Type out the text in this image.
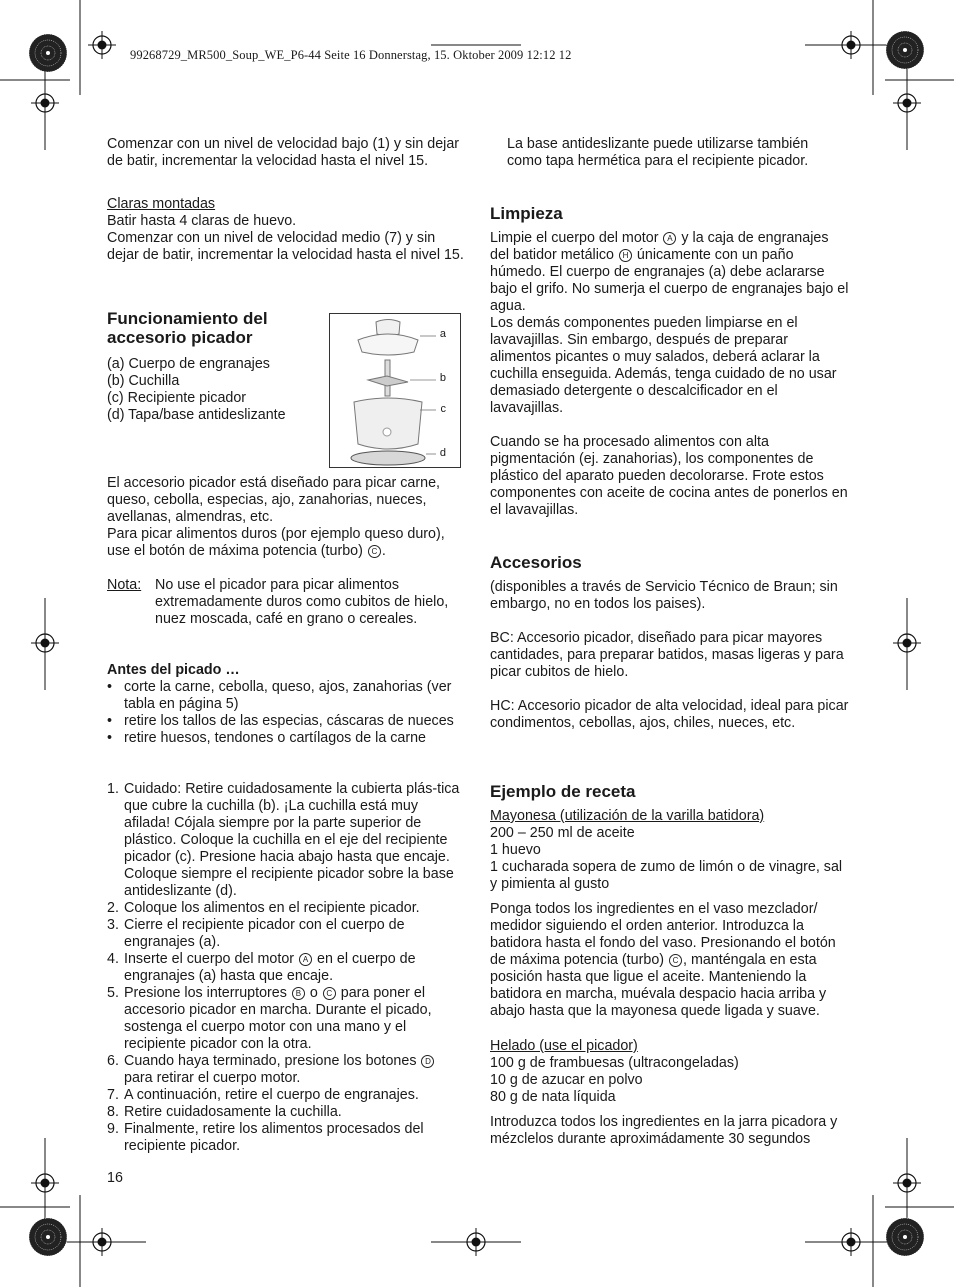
99268729_MR500_Soup_WE_P6-44 Seite 16 Donnerstag, 15. Oktober 2009 12:12 12
Comenzar con un nivel de velocidad bajo (1) y sin dejar de batir, incrementar la velocidad hasta el nivel 15.
Claras montadas
Batir hasta 4 claras de huevo.
Comenzar con un nivel de velocidad medio (7) y sin dejar de batir, incrementar la velocidad hasta el nivel 15.
Funcionamiento del accesorio picador
(a) Cuerpo de engranajes
(b) Cuchilla
(c) Recipiente picador
(d) Tapa/base antideslizante
a
b
c
d
El accesorio picador está diseñado para picar carne, queso, cebolla, especias, ajo, zanahorias, nueces, avellanas, almendras, etc.
Para picar alimentos duros (por ejemplo queso duro), use el botón de máxima potencia (turbo) C .
Nota: No use el picador para picar alimentos extremadamente duros como cubitos de hielo, nuez moscada, café en grano o cereales.
Antes del picado …
• corte la carne, cebolla, queso, ajos, zanahorias (ver tabla en página 5)
• retire los tallos de las especias, cáscaras de nueces
• retire huesos, tendones o cartílagos de la carne
1. Cuidado: Retire cuidadosamente la cubierta plás-tica que cubre la cuchilla (b). ¡La cuchilla está muy afilada! Cójala siempre por la parte superior de plástico. Coloque la cuchilla en el eje del recipiente picador (c). Presione hacia abajo hasta que encaje. Coloque siempre el recipiente picador sobre la base antideslizante (d).
2. Coloque los alimentos en el recipiente picador.
3. Cierre el recipiente picador con el cuerpo de engranajes (a).
4. Inserte el cuerpo del motor A en el cuerpo de engranajes (a) hasta que encaje.
5. Presione los interruptores B o C para poner el accesorio picador en marcha. Durante el picado, sostenga el cuerpo motor con una mano y el recipiente picador con la otra.
6. Cuando haya terminado, presione los botones D para retirar el cuerpo motor.
7. A continuación, retire el cuerpo de engranajes.
8. Retire cuidadosamente la cuchilla.
9. Finalmente, retire los alimentos procesados del recipiente picador.
16
La base antideslizante puede utilizarse también como tapa hermética para el recipiente picador.
Limpieza
Limpie el cuerpo del motor A y la caja de engranajes del batidor metálico H únicamente con un paño húmedo. El cuerpo de engranajes (a) debe aclararse bajo el grifo. No sumerja el cuerpo de engranajes bajo el agua.
Los demás componentes pueden limpiarse en el lavavajillas. Sin embargo, después de preparar alimentos picantes o muy salados, deberá aclarar la cuchilla enseguida. Además, tenga cuidado de no usar demasiado detergente o descalcificador en el lavavajillas.
Cuando se ha procesado alimentos con alta pigmentación (ej. zanahorias), los componentes de plástico del aparato pueden decolorarse. Frote estos componentes con aceite de cocina antes de ponerlos en el lavavajillas.
Accesorios
(disponibles a través de Servicio Técnico de Braun; sin embargo, no en todos los paises).
BC: Accesorio picador, diseñado para picar mayores cantidades, para preparar batidos, masas ligeras y para picar cubitos de hielo.
HC: Accesorio picador de alta velocidad, ideal para picar condimentos, cebollas, ajos, chiles, nueces, etc.
Ejemplo de receta
Mayonesa (utilización de la varilla batidora)
200 – 250 ml de aceite
1 huevo
1 cucharada sopera de zumo de limón o de vinagre, sal y pimienta al gusto
Ponga todos los ingredientes en el vaso mezclador/ medidor siguiendo el orden anterior. Introduzca la batidora hasta el fondo del vaso. Presionando el botón de máxima potencia (turbo) C , manténgala en esta posición hasta que ligue el aceite. Manteniendo la batidora en marcha, muévala despacio hacia arriba y abajo hasta que la mayonesa quede ligada y suave.
Helado (use el picador)
100 g de frambuesas (ultracongeladas)
10 g de azucar en polvo
80 g de nata líquida
Introduzca todos los ingredientes en la jarra picadora y mézclelos durante aproximádamente 30 segundos
